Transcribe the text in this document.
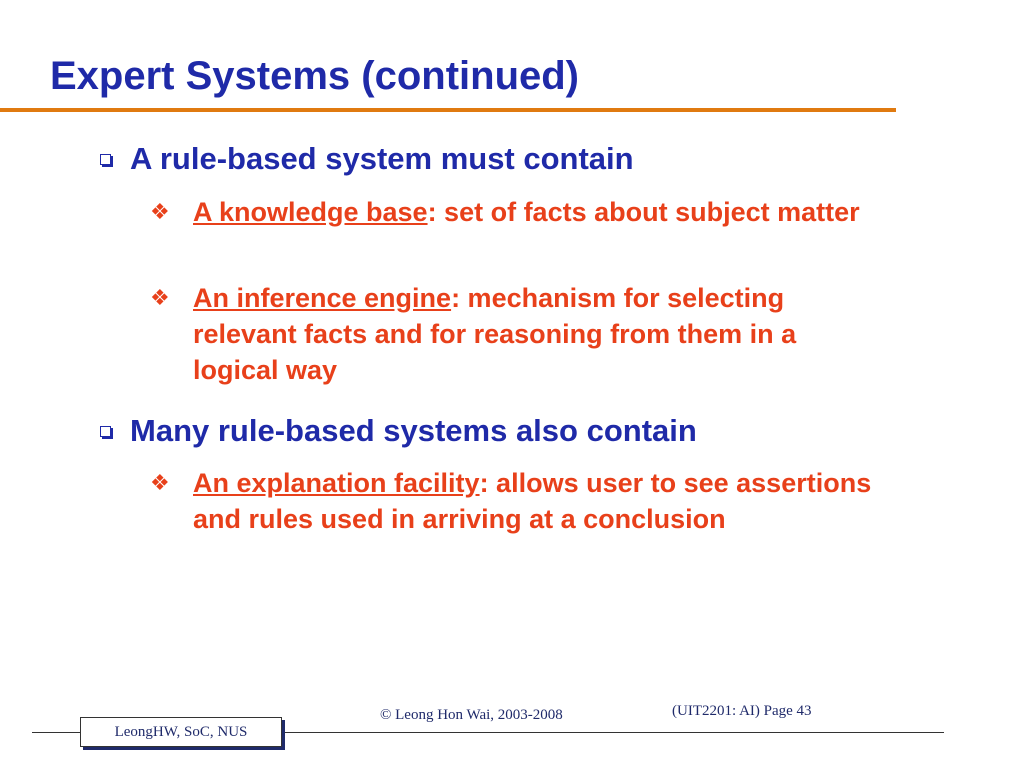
Expert Systems (continued)
A rule-based system must contain
❖ A knowledge base: set of facts about subject matter
❖ An inference engine: mechanism for selecting relevant facts and for reasoning from them in a logical way
Many rule-based systems also contain
❖ An explanation facility: allows user to see assertions and rules used in arriving at a conclusion
LeongHW, SoC, NUS
© Leong Hon Wai, 2003-2008	(UIT2201: AI) Page 43
